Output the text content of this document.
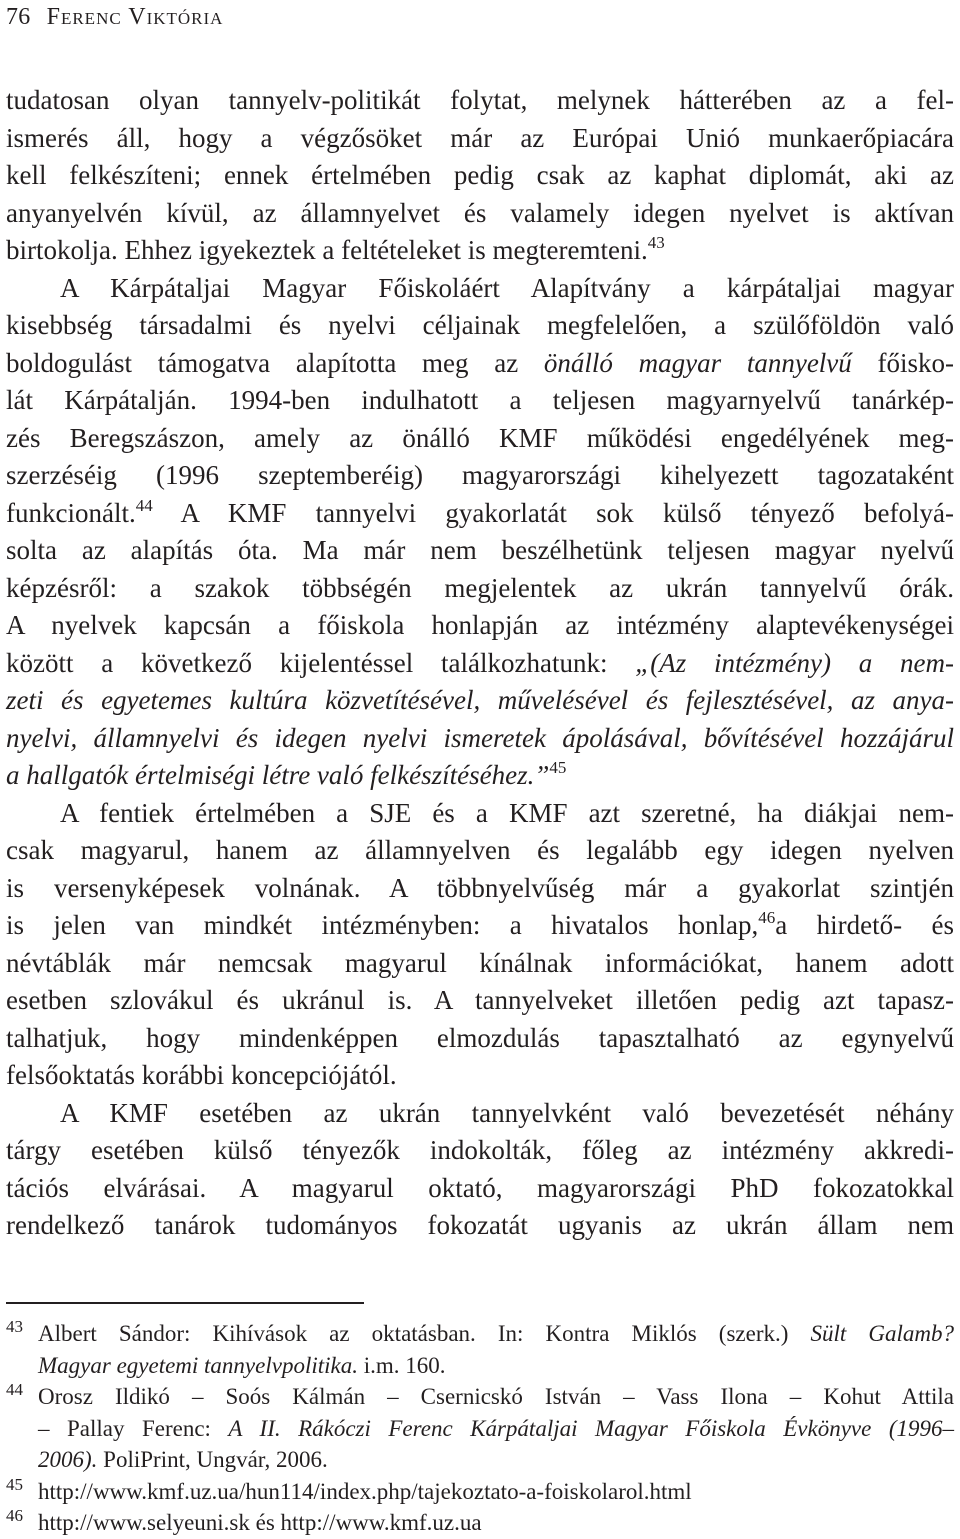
76 Ferenc Viktória
tudatosan olyan tannyelv-politikát folytat, melynek hátterében az a fel-
ismerés áll, hogy a végzősöket már az Európai Unió munkaerőpiacára
kell felkészíteni; ennek értelmében pedig csak az kaphat diplomát, aki az
anyanyelvén kívül, az államnyelvet és valamely idegen nyelvet is aktívan
birtokolja. Ehhez igyekeztek a feltételeket is megteremteni.$^{43}$
A Kárpátaljai Magyar Főiskoláért Alapítvány a kárpátaljai magyar
kisebbség társadalmi és nyelvi céljainak megfelelően, a szülőföldön való
boldogulást támogatva alapította meg az önálló magyar tannyelvű főisko-
lát Kárpátalján. 1994-ben indulhatott a teljesen magyarnyelvű tanárkép-
zés Beregszászon, amely az önálló KMF működési engedélyének meg-
szerzéséig (1996 szeptemberéig) magyarországi kihelyezett tagozataként
funkcionált.$^{44}$ A KMF tannyelvi gyakorlatát sok külső tényező befolyá-
solta az alapítás óta. Ma már nem beszélhetünk teljesen magyar nyelvű
képzésről: a szakok többségén megjelentek az ukrán tannyelvű órák.
A nyelvek kapcsán a főiskola honlapján az intézmény alaptevékenységei
között a következő kijelentéssel találkozhatunk: „(Az intézmény) a nem-
zeti és egyetemes kultúra közvetítésével, művelésével és fejlesztésével, az anya-
nyelvi, államnyelvi és idegen nyelvi ismeretek ápolásával, bővítésével hozzájárul
a hallgatók értelmiségi létre való felkészítéséhez.”$^{45}$
A fentiek értelmében a SJE és a KMF azt szeretné, ha diákjai nem-
csak magyarul, hanem az államnyelven és legalább egy idegen nyelven
is versenyképesek volnának. A többnyelvűség már a gyakorlat szintjén
is jelen van mindkét intézményben: a hivatalos honlap,$^{46}$a hirdető- és
névtáblák már nemcsak magyarul kínálnak információkat, hanem adott
esetben szlovákul és ukránul is. A tannyelveket illetően pedig azt tapasz-
talhatjuk, hogy mindenképpen elmozdulás tapasztalható az egynyelvű
felsőoktatás korábbi koncepciójától.
A KMF esetében az ukrán tannyelvként való bevezetését néhány
tárgy esetében külső tényezők indokolták, főleg az intézmény akkredi-
tációs elvárásai. A magyarul oktató, magyarországi PhD fokozatokkal
rendelkező tanárok tudományos fokozatát ugyanis az ukrán állam nem
43 Albert Sándor: Kihívások az oktatásban. In: Kontra Miklós (szerk.) Sült Galamb?
Magyar egyetemi tannyelvpolitika. i.m. 160.
44 Orosz Ildikó – Soós Kálmán – Csernicskó István – Vass Ilona – Kohut Attila
– Pallay Ferenc: A II. Rákóczi Ferenc Kárpátaljai Magyar Főiskola Évkönyve (1996–
2006). PoliPrint, Ungvár, 2006.
45 http://www.kmf.uz.ua/hun114/index.php/tajekoztato-a-foiskolarol.html
46 http://www.selyeuni.sk és http://www.kmf.uz.ua
